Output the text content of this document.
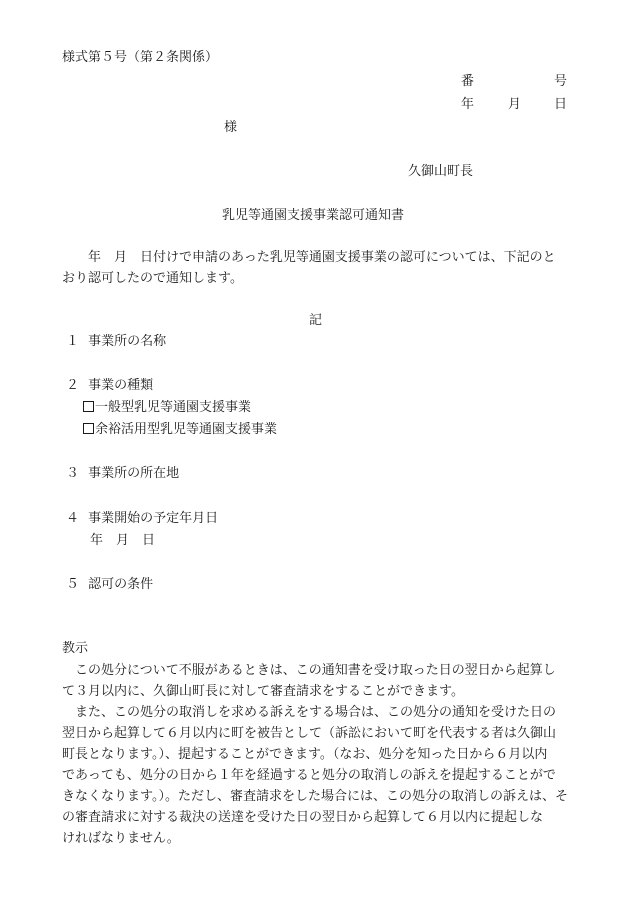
様式第５号（第２条関係）

番	号

年	月	日

様

久御山町長

乳児等通園支援事業認可通知書

　　年　月　日付けで申請のあった乳児等通園支援事業の認可については、下記のと

おり認可したので通知します。

記

１ 事業所の名称
２ 事業の種類
一般型乳児等通園支援事業
余裕活用型乳児等通園支援事業
３ 事業所の所在地
４ 事業開始の予定年月日
年　月　日
５ 認可の条件

教示

　この処分について不服があるときは、この通知書を受け取った日の翌日から起算し

て３月以内に、久御山町長に対して審査請求をすることができます。

　また、この処分の取消しを求める訴えをする場合は、この処分の通知を受けた日の

翌日から起算して６月以内に町を被告として（訴訟において町を代表する者は久御山

町長となります。）、提起することができます。（なお、処分を知った日から６月以内

であっても、処分の日から１年を経過すると処分の取消しの訴えを提起することがで

きなくなります。）。ただし、審査請求をした場合には、この処分の取消しの訴えは、そ

の審査請求に対する裁決の送達を受けた日の翌日から起算して６月以内に提起しな

ければなりません。
